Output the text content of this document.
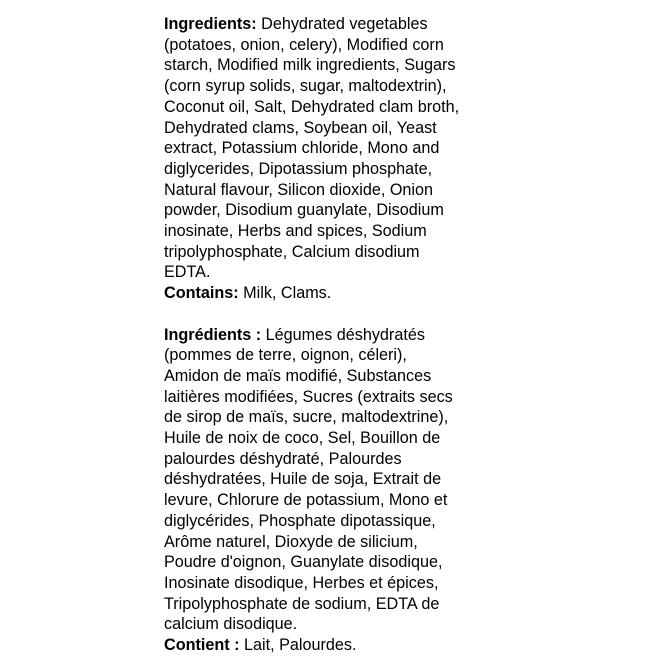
Ingredients: Dehydrated vegetables
(potatoes, onion, celery), Modified corn
starch, Modified milk ingredients, Sugars
(corn syrup solids, sugar, maltodextrin),
Coconut oil, Salt, Dehydrated clam broth,
Dehydrated clams, Soybean oil, Yeast
extract, Potassium chloride, Mono and
diglycerides, Dipotassium phosphate,
Natural flavour, Silicon dioxide, Onion
powder, Disodium guanylate, Disodium
inosinate, Herbs and spices, Sodium
tripolyphosphate, Calcium disodium
EDTA.
Contains: Milk, Clams.

Ingrédients : Légumes déshydratés
(pommes de terre, oignon, céleri),
Amidon de maïs modifié, Substances
laitières modifiées, Sucres (extraits secs
de sirop de maïs, sucre, maltodextrine),
Huile de noix de coco, Sel, Bouillon de
palourdes déshydraté, Palourdes
déshydratées, Huile de soja, Extrait de
levure, Chlorure de potassium, Mono et
diglycérides, Phosphate dipotassique,
Arôme naturel, Dioxyde de silicium,
Poudre d'oignon, Guanylate disodique,
Inosinate disodique, Herbes et épices,
Tripolyphosphate de sodium, EDTA de
calcium disodique.
Contient : Lait, Palourdes.
